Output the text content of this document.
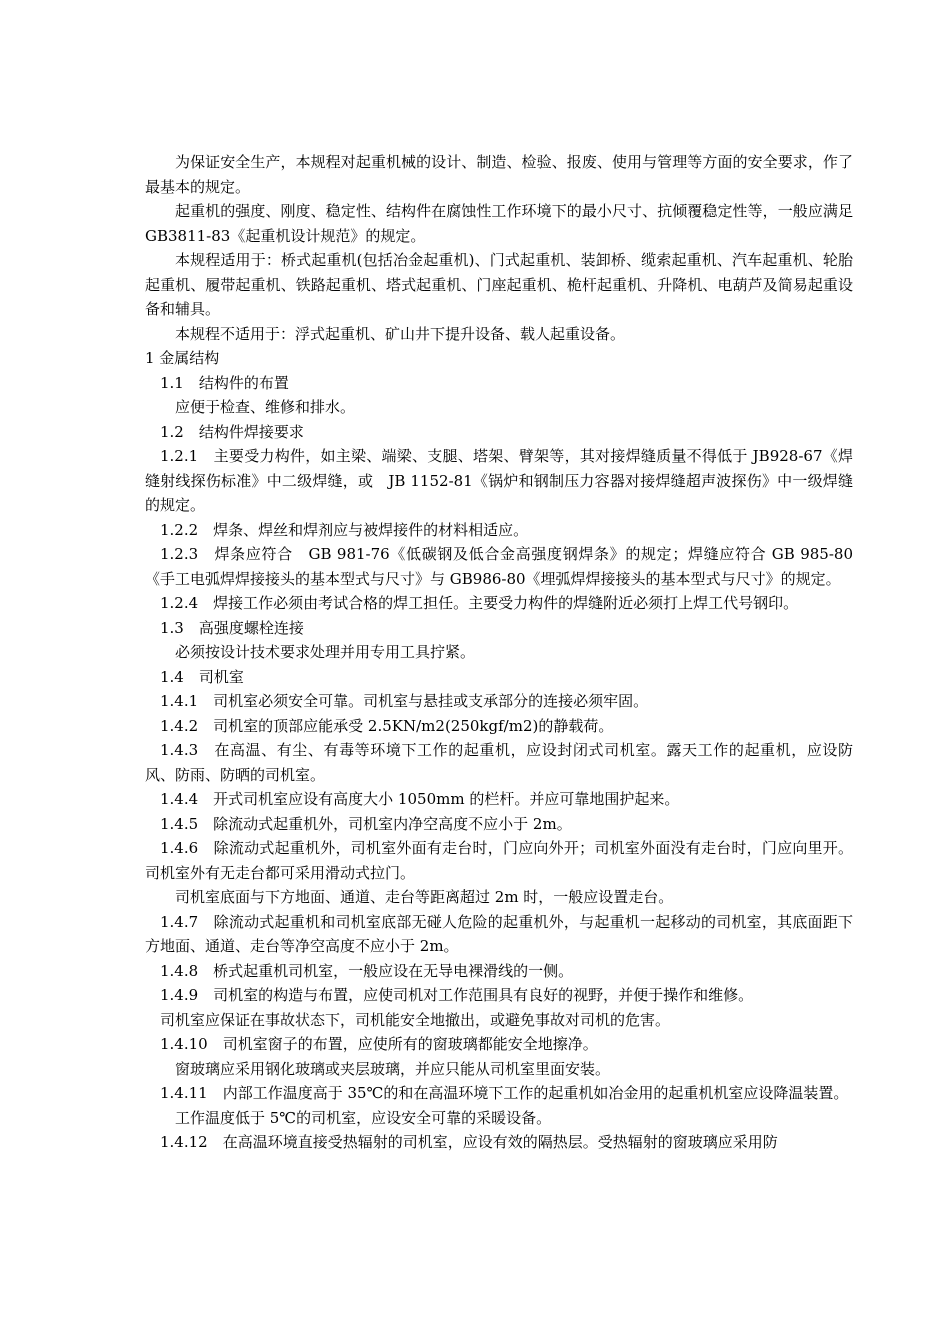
为保证安全生产，本规程对起重机械的设计、制造、检验、报废、使用与管理等方面的安全要求，作了最基本的规定。

起重机的强度、刚度、稳定性、结构件在腐蚀性工作环境下的最小尺寸、抗倾覆稳定性等，一般应满足　GB3811-83《起重机设计规范》的规定。

本规程适用于：桥式起重机(包括冶金起重机)、门式起重机、装卸桥、缆索起重机、汽车起重机、轮胎起重机、履带起重机、铁路起重机、塔式起重机、门座起重机、桅杆起重机、升降机、电葫芦及简易起重设备和辅具。

本规程不适用于：浮式起重机、矿山井下提升设备、载人起重设备。

1 金属结构

1.1　结构件的布置

应便于检查、维修和排水。

1.2　结构件焊接要求

1.2.1　主要受力构件，如主梁、端梁、支腿、塔架、臂架等，其对接焊缝质量不得低于 JB928-67《焊缝射线探伤标准》中二级焊缝，或　JB 1152-81《锅炉和钢制压力容器对接焊缝超声波探伤》中一级焊缝的规定。

1.2.2　焊条、焊丝和焊剂应与被焊接件的材料相适应。

1.2.3　焊条应符合　GB 981-76《低碳钢及低合金高强度钢焊条》的规定；焊缝应符合 GB 985-80《手工电弧焊焊接接头的基本型式与尺寸》与 GB986-80《埋弧焊焊接接头的基本型式与尺寸》的规定。

1.2.4　焊接工作必须由考试合格的焊工担任。主要受力构件的焊缝附近必须打上焊工代号钢印。

1.3　高强度螺栓连接

必须按设计技术要求处理并用专用工具拧紧。

1.4　司机室

1.4.1　司机室必须安全可靠。司机室与悬挂或支承部分的连接必须牢固。

1.4.2　司机室的顶部应能承受 2.5KN/m2(250kgf/m2)的静载荷。

1.4.3　在高温、有尘、有毒等环境下工作的起重机，应设封闭式司机室。露天工作的起重机，应设防风、防雨、防晒的司机室。

1.4.4　开式司机室应设有高度大小 1050mm 的栏杆。并应可靠地围护起来。

1.4.5　除流动式起重机外，司机室内净空高度不应小于 2m。

1.4.6　除流动式起重机外，司机室外面有走台时，门应向外开；司机室外面没有走台时，门应向里开。司机室外有无走台都可采用滑动式拉门。

司机室底面与下方地面、通道、走台等距离超过 2m 时，一般应设置走台。

1.4.7　除流动式起重机和司机室底部无碰人危险的起重机外，与起重机一起移动的司机室，其底面距下方地面、通道、走台等净空高度不应小于 2m。

1.4.8　桥式起重机司机室，一般应设在无导电裸滑线的一侧。

1.4.9　司机室的构造与布置，应使司机对工作范围具有良好的视野，并便于操作和维修。

司机室应保证在事故状态下，司机能安全地撤出，或避免事故对司机的危害。

1.4.10　司机室窗子的布置，应使所有的窗玻璃都能安全地擦净。

窗玻璃应采用钢化玻璃或夹层玻璃，并应只能从司机室里面安装。

1.4.11　内部工作温度高于 35℃的和在高温环境下工作的起重机如冶金用的起重机机室应设降温装置。

工作温度低于 5℃的司机室，应设安全可靠的采暖设备。

1.4.12　在高温环境直接受热辐射的司机室，应设有效的隔热层。受热辐射的窗玻璃应采用防
